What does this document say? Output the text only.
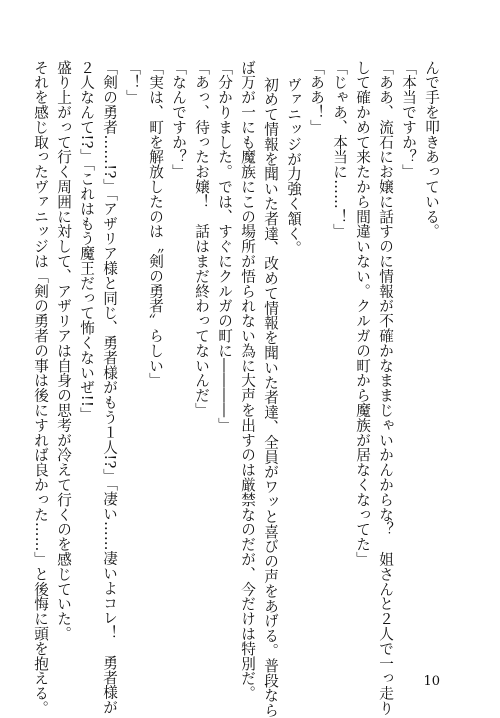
んで手を叩きあっている。
「本当ですか？」
「ああ、流石にお嬢に話すのに情報が不確かなままじゃいかんからな？　姐さんと２人で一っ走り
して確かめて来たから間違いない。クルガの町から魔族が居なくなってた」
「じゃあ、本当に……！」
「ああ！」
ヴァニッジが力強く頷く。
初めて情報を聞いた者達、改めて情報を聞いた者達、全員がワッと喜びの声をあげる。普段なら
ば万が一にも魔族にこの場所が悟られない為に大声を出すのは厳禁なのだが、今だけは特別だ。
「分かりました。では、すぐにクルガの町に――――」
「あっ、待ったお嬢！　話はまだ終わってないんだ」
「なんですか？」
「実は、町を解放したのは〝剣の勇者〟らしい」
「！」
「剣の勇者……!?」「アザリア様と同じ、勇者様がもう１人!?」「凄い……凄いよコレ！　勇者様が
２人なんて!?」「これはもう魔王だって怖くないぜ!!」
盛り上がって行く周囲に対して、アザリアは自身の思考が冷えて行くのを感じていた。
それを感じ取ったヴァニッジは「剣の勇者の事は後にすれば良かった……」と後悔に頭を抱える。	10
